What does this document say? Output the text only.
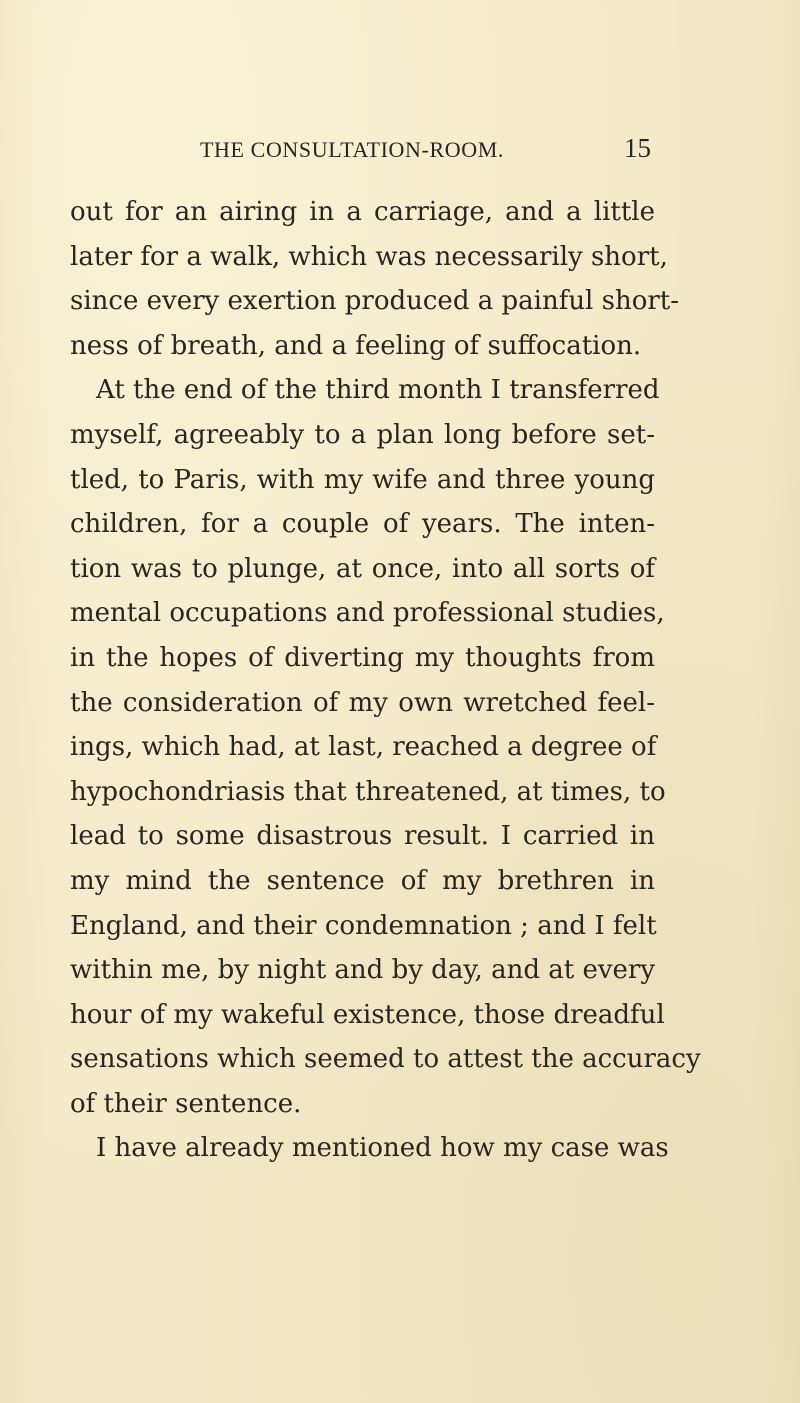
THE CONSULTATION-ROOM.	15
out for an airing in a carriage, and a little
later for a walk, which was necessarily short,
since every exertion produced a painful short-
ness of breath, and a feeling of suffocation.
At the end of the third month I transferred
myself, agreeably to a plan long before set-
tled, to Paris, with my wife and three young
children, for a couple of years. The inten-
tion was to plunge, at once, into all sorts of
mental occupations and professional studies,
in the hopes of diverting my thoughts from
the consideration of my own wretched feel-
ings, which had, at last, reached a degree of
hypochondriasis that threatened, at times, to
lead to some disastrous result. I carried in
my mind the sentence of my brethren in
England, and their condemnation ; and I felt
within me, by night and by day, and at every
hour of my wakeful existence, those dreadful
sensations which seemed to attest the accuracy
of their sentence.
I have already mentioned how my case was
